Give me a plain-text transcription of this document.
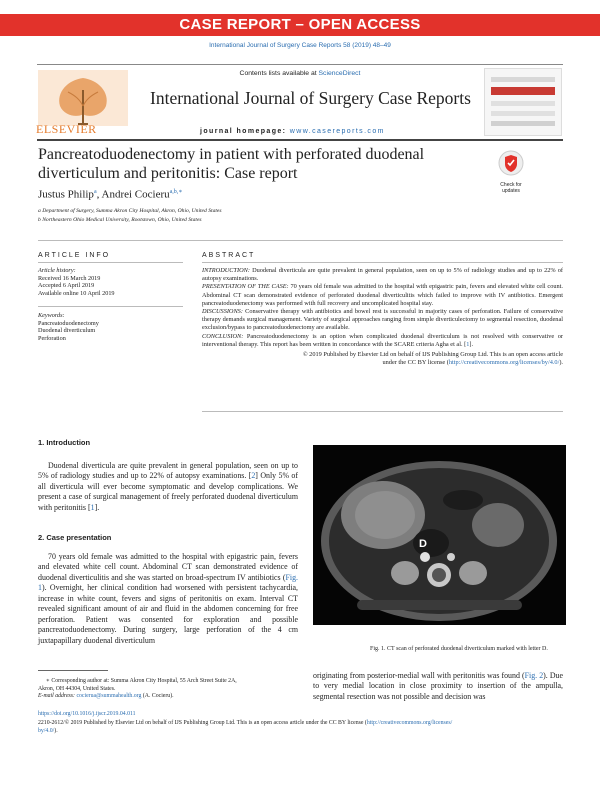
CASE REPORT – OPEN ACCESS
International Journal of Surgery Case Reports 58 (2019) 48–49
ELSEVIER
Contents lists available at ScienceDirect
International Journal of Surgery Case Reports
journal homepage: www.casereports.com
Pancreatoduodenectomy in patient with perforated duodenal diverticulum and peritonitis: Case report
Check for updates
Justus Philip$^a$, Andrei Cocieru$^{a,b,∗}$
a Department of Surgery, Summa Akron City Hospital, Akron, Ohio, United States
b Northeastern Ohio Medical University, Rootstown, Ohio, United States
ARTICLE INFO	ABSTRACT
Article history:
Received 16 March 2019
Accepted 6 April 2019
Available online 10 April 2019
Keywords:
Pancreatoduodenectomy
Duodenal diverticulum
Perforation
INTRODUCTION: Duodenal diverticula are quite prevalent in general population, seen on up to 5% of radiology studies and up to 22% of autopsy examinations.
PRESENTATION OF THE CASE: 70 years old female was admitted to the hospital with epigastric pain, fevers and elevated white cell count. Abdominal CT scan demonstrated evidence of perforated duodenal diverticulitis which failed to improve with IV antibiotics. Emergent pancreatoduodenectomy was performed with full recovery and uncomplicated hospital stay.
DISCUSSIONS: Conservative therapy with antibiotics and bowel rest is successful in majority cases of perforation. Failure of conservative therapy demands surgical management. Variety of surgical approaches ranging from simple diverticulectomy to segmental resection, duodenal exclusion/bypass to pancreatoduodenectomy are available.
CONCLUSION: Pancreatoduodenectomy is an option when complicated duodenal diverticulum is not resolved with conservative or interventional therapy. This report has been written in concordance with the SCARE criteria Agha et al. [1].
© 2019 Published by Elsevier Ltd on behalf of IJS Publishing Group Ltd. This is an open access article
under the CC BY license (http://creativecommons.org/licenses/by/4.0/).
1. Introduction
Duodenal diverticula are quite prevalent in general population, seen on up to 5% of radiology studies and up to 22% of autopsy examinations. [2] Only 5% of all diverticula will ever become symptomatic and develop complications. We present a case of surgical management of freely perforated duodenal diverticulum with peritonitis [1].
2. Case presentation
70 years old female was admitted to the hospital with epigastric pain, fevers and elevated white cell count. Abdominal CT scan demonstrated evidence of duodenal diverticulitis and she was started on broad-spectrum IV antibiotics (Fig. 1). Overnight, her clinical condition had worsened with persistent tachycardia, increase in white count, fevers and signs of peritonitis on exam. Interval CT revealed significant amount of air and fluid in the abdomen concerning for free perforation. Patient was consented for exploration and possible pancreatoduodenectomy. During surgery, large perforation of the 4 cm juxtapapillary duodenal diverticulum
D
Fig. 1. CT scan of perforated duodenal diverticulum marked with letter D.
originating from posterior-medial wall with peritonitis was found (Fig. 2). Due to very medial location in close proximity to insertion of the ampulla, segmental resection was not possible and decision was
∗ Corresponding author at: Summa Akron City Hospital, 55 Arch Street Suite 2A,
Akron, OH 44304, United States.
E-mail address: cocierua@summahealth.org (A. Cocieru).
https://doi.org/10.1016/j.ijscr.2019.04.011
2210-2612/© 2019 Published by Elsevier Ltd on behalf of IJS Publishing Group Ltd. This is an open access article under the CC BY license (http://creativecommons.org/licenses/
by/4.0/).
